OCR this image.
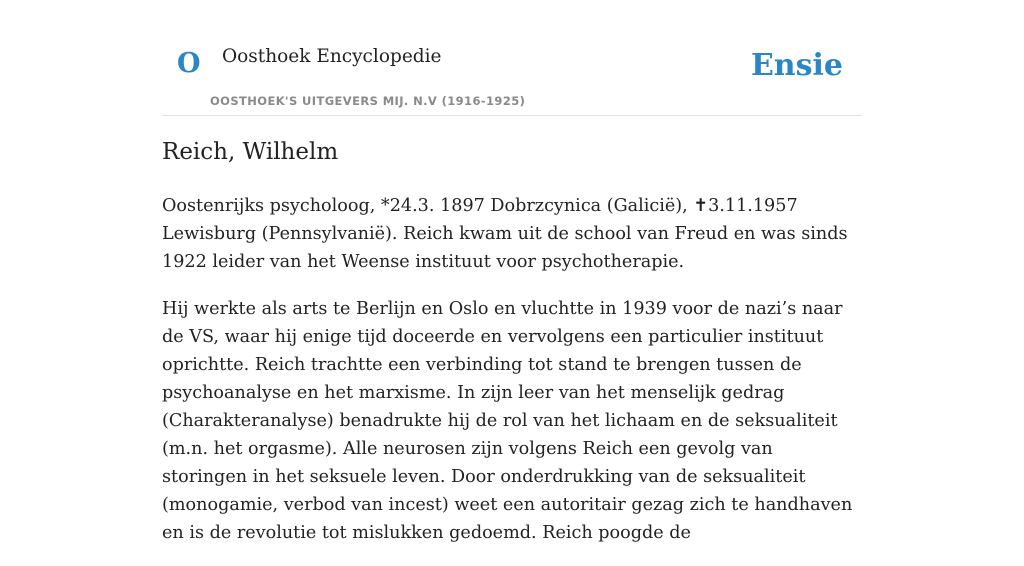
O Oosthoek Encyclopedie
OOSTHOEK'S UITGEVERS MIJ. N.V (1916-1925)
Ensie
Reich, Wilhelm

Oostenrijks psycholoog, *24.3. 1897 Dobrzcynica (Galicië), ✝3.11.1957 Lewisburg (Pennsylvanië). Reich kwam uit de school van Freud en was sinds 1922 leider van het Weense instituut voor psychotherapie.

Hij werkte als arts te Berlijn en Oslo en vluchtte in 1939 voor de nazi’s naar de VS, waar hij enige tijd doceerde en vervolgens een particulier instituut oprichtte. Reich trachtte een verbinding tot stand te brengen tussen de psychoanalyse en het marxisme. In zijn leer van het menselijk gedrag (Charakteranalyse) benadrukte hij de rol van het lichaam en de seksualiteit (m.n. het orgasme). Alle neurosen zijn volgens Reich een gevolg van storingen in het seksuele leven. Door onderdrukking van de seksualiteit (monogamie, verbod van incest) weet een autoritair gezag zich te handhaven en is de revolutie tot mislukken gedoemd. Reich poogde de
